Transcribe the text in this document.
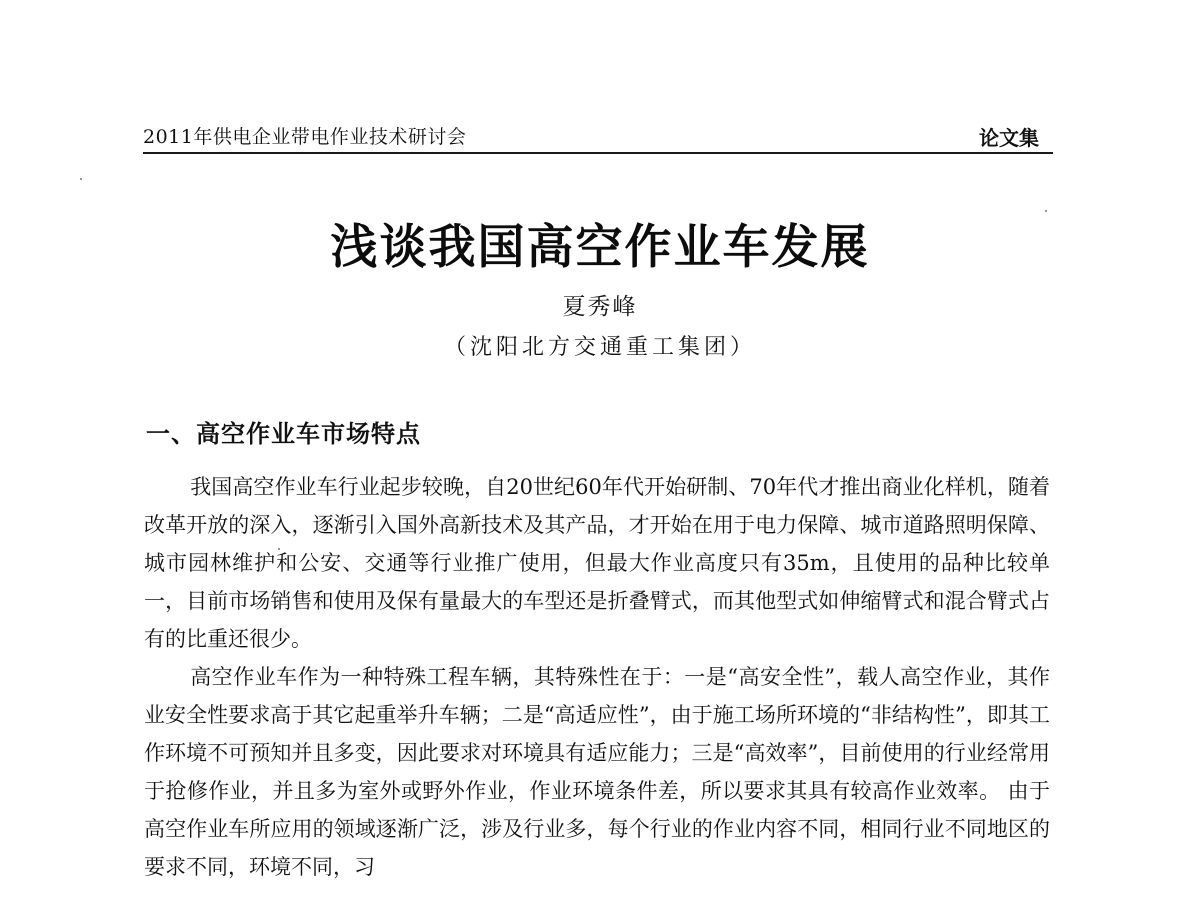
2011年供电企业带电作业技术研讨会	论文集
浅谈我国高空作业车发展
夏秀峰
（沈阳北方交通重工集团）
一、高空作业车市场特点

我国高空作业车行业起步较晚，自20世纪60年代开始研制、70年代才推出商业化样机，随着改革开放的深入，逐渐引入国外高新技术及其产品，才开始在用于电力保障、城市道路照明保障、城市园林维护和公安、交通等行业推广使用，但最大作业高度只有35m，且使用的品种比较单一，目前市场销售和使用及保有量最大的车型还是折叠臂式，而其他型式如伸缩臂式和混合臂式占有的比重还很少。

高空作业车作为一种特殊工程车辆，其特殊性在于：一是“高安全性”，载人高空作业，其作业安全性要求高于其它起重举升车辆；二是“高适应性”，由于施工场所环境的“非结构性”，即其工作环境不可预知并且多变，因此要求对环境具有适应能力；三是“高效率”，目前使用的行业经常用于抢修作业，并且多为室外或野外作业，作业环境条件差，所以要求其具有较高作业效率。 由于高空作业车所应用的领域逐渐广泛，涉及行业多，每个行业的作业内容不同，相同行业不同地区的要求不同，环境不同，习
